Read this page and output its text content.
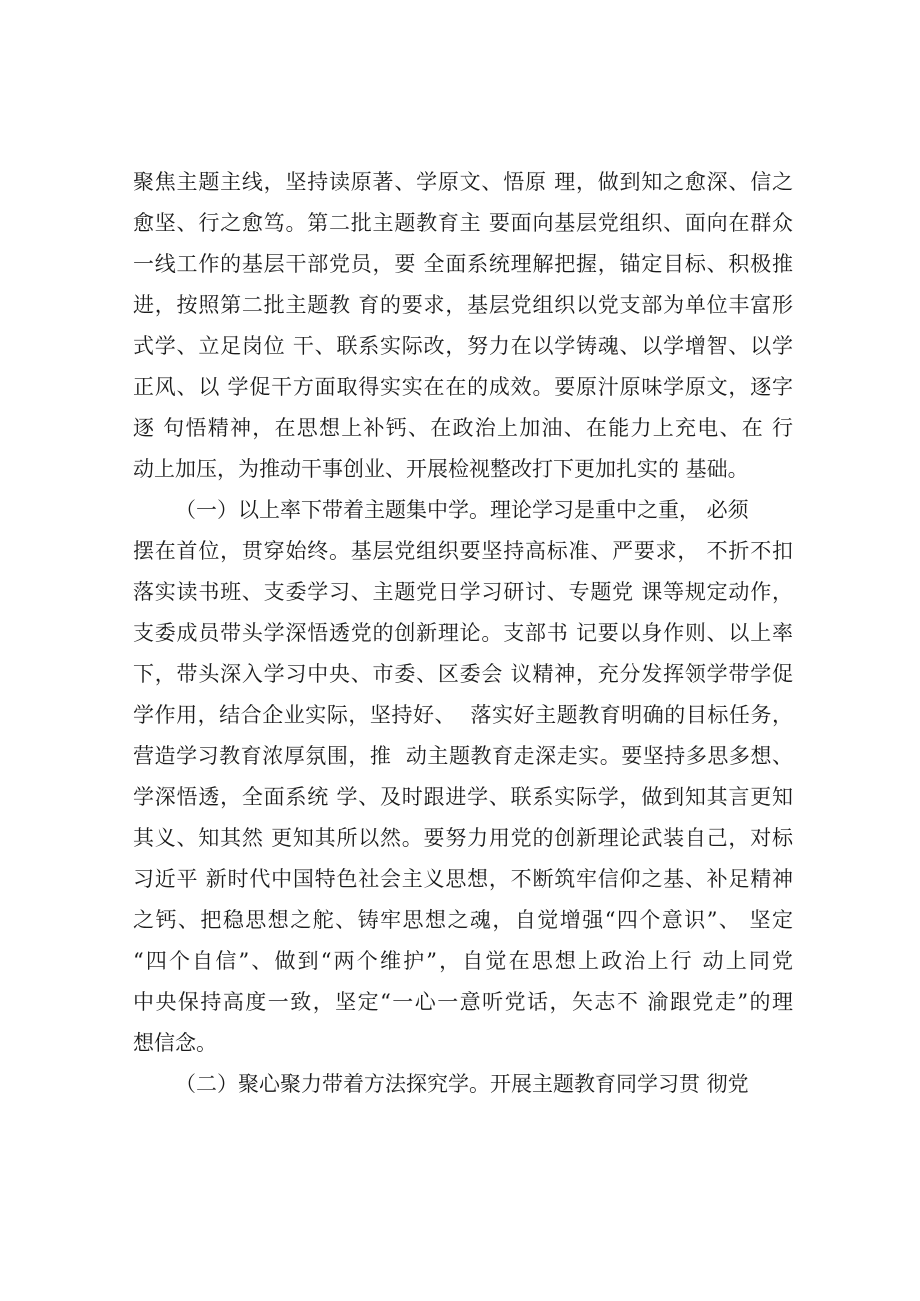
聚焦主题主线，坚持读原著、学原文、悟原 理，做到知之愈深、信之
愈坚、行之愈笃。第二批主题教育主 要面向基层党组织、面向在群众
一线工作的基层干部党员，要 全面系统理解把握，锚定目标、积极推
进，按照第二批主题教 育的要求，基层党组织以党支部为单位丰富形
式学、立足岗位 干、联系实际改，努力在以学铸魂、以学增智、以学
正风、以 学促干方面取得实实在在的成效。要原汁原味学原文，逐字
逐 句悟精神，在思想上补钙、在政治上加油、在能力上充电、在 行
动上加压，为推动干事创业、开展检视整改打下更加扎实的 基础。
（一）以上率下带着主题集中学。理论学习是重中之重， 必须
摆在首位，贯穿始终。基层党组织要坚持高标准、严要求， 不折不扣
落实读书班、支委学习、主题党日学习研讨、专题党 课等规定动作，
支委成员带头学深悟透党的创新理论。支部书 记要以身作则、以上率
下，带头深入学习中央、市委、区委会 议精神，充分发挥领学带学促
学作用，结合企业实际，坚持好、  落实好主题教育明确的目标任务，
营造学习教育浓厚氛围，推  动主题教育走深走实。要坚持多思多想、
学深悟透，全面系统 学、及时跟进学、联系实际学，做到知其言更知
其义、知其然 更知其所以然。要努力用党的创新理论武装自己，对标
习近平 新时代中国特色社会主义思想，不断筑牢信仰之基、补足精神
之钙、把稳思想之舵、铸牢思想之魂，自觉增强“四个意识”、 坚定
“四个自信”、做到“两个维护”，自觉在思想上政治上行 动上同党
中央保持高度一致，坚定“一心一意听党话，矢志不 渝跟党走”的理
想信念。
（二）聚心聚力带着方法探究学。开展主题教育同学习贯 彻党
